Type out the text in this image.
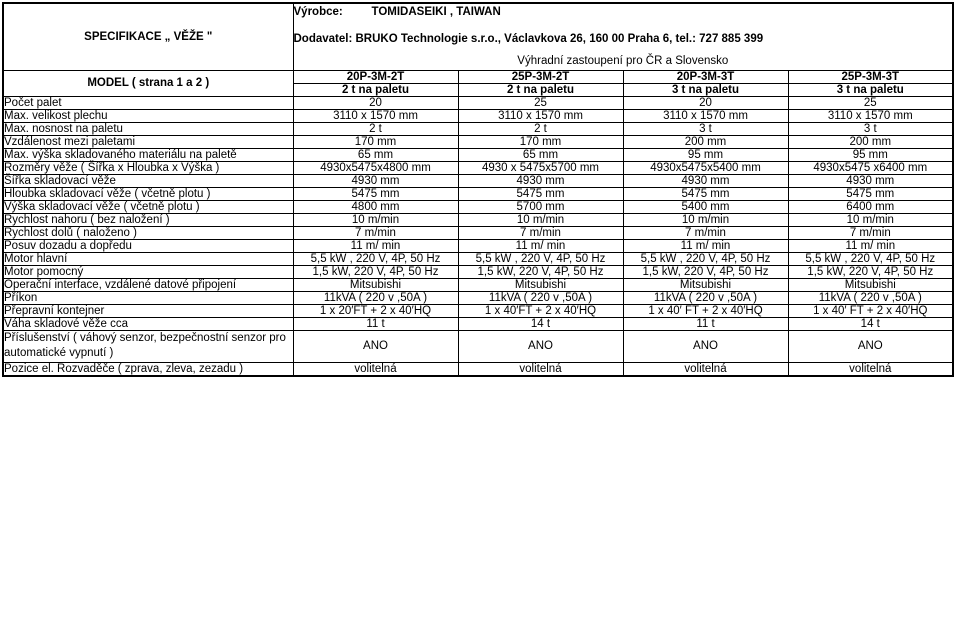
SPECIFIKACE „ VĚŽE "	Výrobce: TOMIDASEIKI , TAIWAN
Dodavatel: BRUKO Technologie s.r.o., Václavkova 26, 160 00 Praha 6, tel.: 727 885 399
Výhradní zastoupení pro ČR a Slovensko			

MODEL ( strana 1 a 2 )	20P-3M-2T	25P-3M-2T	20P-3M-3T	25P-3M-3T
	2 t na paletu	2 t na paletu	3 t na paletu	3 t na paletu
Počet palet	20	25	20	25
Max. velikost plechu	3110 x 1570 mm	3110 x 1570 mm	3110 x 1570 mm	3110 x 1570 mm
Max. nosnost na paletu	2 t	2 t	3 t	3 t
Vzdálenost mezi paletami	170 mm	170 mm	200 mm	200 mm
Max. výška skladovaného materiálu na paletě	65 mm	65 mm	95 mm	95 mm
Rozměry věže ( Šířka x Hloubka x Výška )	4930x5475x4800 mm	4930 x 5475x5700 mm	4930x5475x5400 mm	4930x5475 x6400 mm
Šířka skladovací věže	4930 mm	4930 mm	4930 mm	4930 mm
Hloubka skladovací věže ( včetně plotu )	5475 mm	5475 mm	5475 mm	5475 mm
Výška skladovací věže ( včetně plotu )	4800 mm	5700 mm	5400 mm	6400 mm
Rychlost nahoru ( bez naložení )	10 m/min	10 m/min	10 m/min	10 m/min
Rychlost dolů ( naloženo )	7 m/min	7 m/min	7 m/min	7 m/min
Posuv dozadu a dopředu	11 m/ min	11 m/ min	11 m/ min	11 m/ min
Motor hlavní	5,5 kW , 220 V, 4P, 50 Hz	5,5 kW , 220 V, 4P, 50 Hz	5,5 kW , 220 V, 4P, 50 Hz	5,5 kW , 220 V, 4P, 50 Hz
Motor pomocný	1,5 kW, 220 V, 4P, 50 Hz	1,5 kW, 220 V, 4P, 50 Hz	1,5 kW, 220 V, 4P, 50 Hz	1,5 kW, 220 V, 4P, 50 Hz
Operační interface, vzdálené datové připojení	Mitsubishi	Mitsubishi	Mitsubishi	Mitsubishi
Příkon	11kVA ( 220 v ,50A )	11kVA ( 220 v ,50A )	11kVA ( 220 v ,50A )	11kVA ( 220 v ,50A )
Přepravní kontejner	1 x 20′FT + 2 x 40′HQ	1 x 40′FT + 2 x 40′HQ	1 x 40′ FT + 2 x 40′HQ	1 x 40′ FT + 2 x 40′HQ
Váha skladové věže cca	11 t	14 t	11 t	14 t
Příslušenství ( váhový senzor, bezpečnostní senzor pro automatické vypnutí )	ANO	ANO	ANO	ANO
Pozice el. Rozvaděče ( zprava, zleva, zezadu )	volitelná	volitelná	volitelná	volitelná
